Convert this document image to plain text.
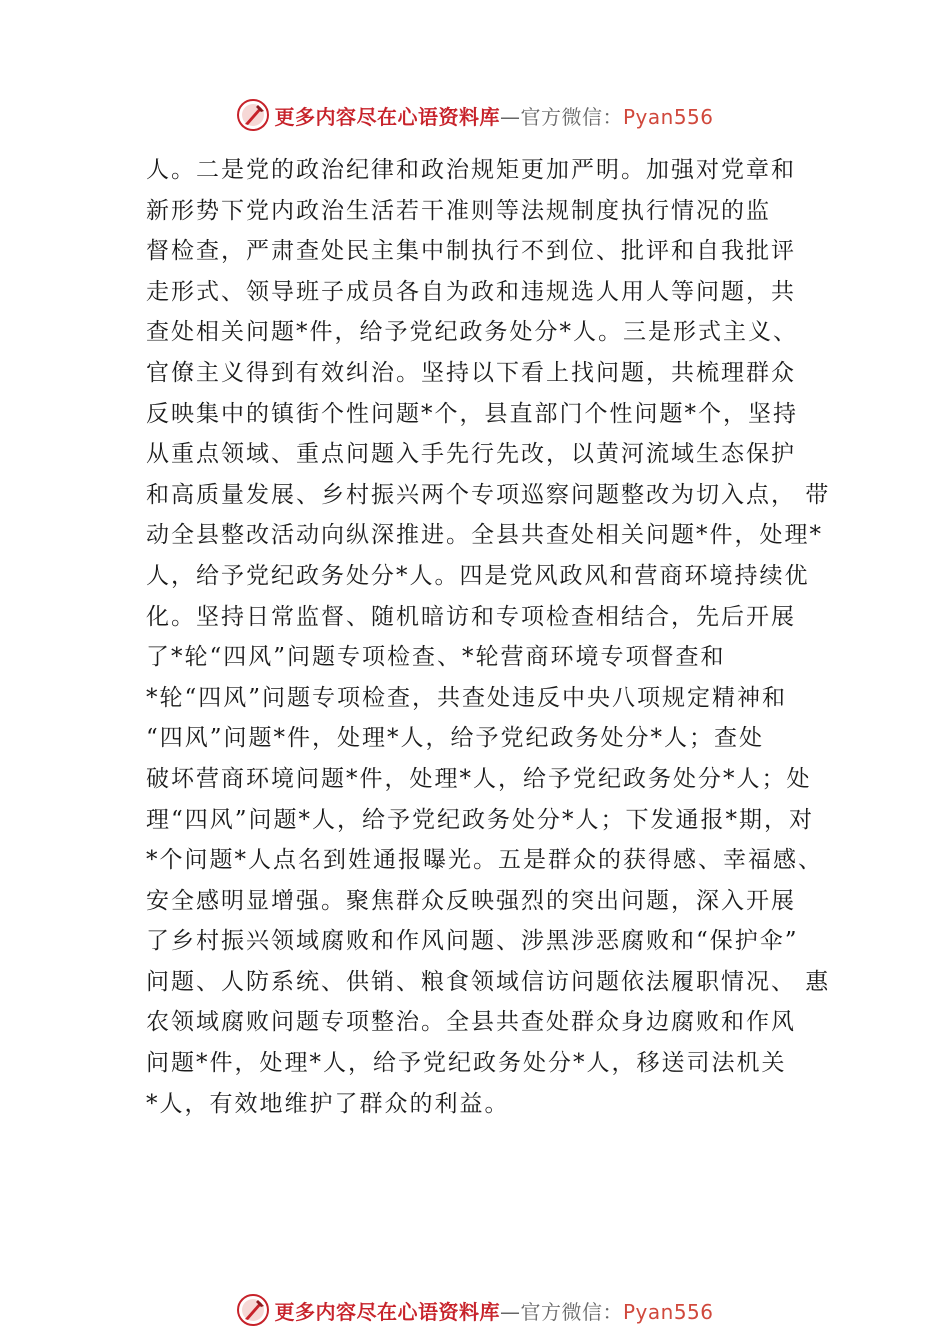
更多内容尽在心语资料库—官方微信：Pyan556
人。二是党的政治纪律和政治规矩更加严明。加强对党章和
新形势下党内政治生活若干准则等法规制度执行情况的监
督检查，严肃查处民主集中制执行不到位、批评和自我批评
走形式、领导班子成员各自为政和违规选人用人等问题，共
查处相关问题*件，给予党纪政务处分*人。三是形式主义、
官僚主义得到有效纠治。坚持以下看上找问题，共梳理群众
反映集中的镇街个性问题*个，县直部门个性问题*个，坚持
从重点领域、重点问题入手先行先改，以黄河流域生态保护
和高质量发展、乡村振兴两个专项巡察问题整改为切入点， 带
动全县整改活动向纵深推进。全县共查处相关问题*件，处理*
人，给予党纪政务处分*人。四是党风政风和营商环境持续优
化。坚持日常监督、随机暗访和专项检查相结合，先后开展
了*轮“四风”问题专项检查、*轮营商环境专项督查和
*轮“四风”问题专项检查，共查处违反中央八项规定精神和
“四风”问题*件，处理*人，给予党纪政务处分*人；查处
破坏营商环境问题*件，处理*人，给予党纪政务处分*人；处
理“四风”问题*人，给予党纪政务处分*人；下发通报*期，对
*个问题*人点名到姓通报曝光。五是群众的获得感、幸福感、
安全感明显增强。聚焦群众反映强烈的突出问题，深入开展
了乡村振兴领域腐败和作风问题、涉黑涉恶腐败和“保护伞”
问题、人防系统、供销、粮食领域信访问题依法履职情况、 惠
农领域腐败问题专项整治。全县共查处群众身边腐败和作风
问题*件，处理*人，给予党纪政务处分*人，移送司法机关
*人，有效地维护了群众的利益。
更多内容尽在心语资料库—官方微信：Pyan556
